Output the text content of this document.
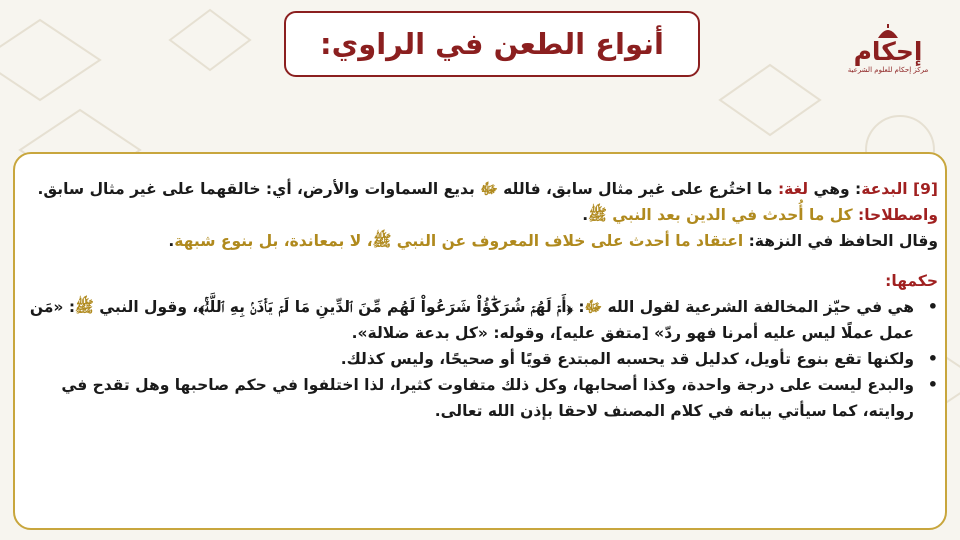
أنواع الطعن في الراوي:	إحكام
مركز إحكام للعلوم الشرعية

[9] البدعة: وهي لغة: ما اختُرع على غير مثال سابق، فالله ﷻ بديع السماوات والأرض، أي: خالقهما على غير مثال سابق.

واصطلاحا: كل ما أُحدث في الدين بعد النبي ﷺ.

وقال الحافظ في النزهة: اعتقاد ما أحدث على خلاف المعروف عن النبي ﷺ، لا بمعاندة، بل بنوع شبهة.

حكمها:

• هي في حيّز المخالفة الشرعية لقول الله ﷻ: ﴿أَمۡ لَهُمۡ شُرَكَٰٓؤُاْ شَرَعُواْ لَهُم مِّنَ ٱلدِّينِ مَا لَمۡ يَأۡذَنۢ بِهِ ٱللَّهُۚ﴾، وقول النبي ﷺ: «مَن عمل عملًا ليس عليه أمرنا فهو ردّ» [متفق عليه]، وقوله: «كل بدعة ضلالة».
• ولكنها تقع بنوع تأويل، كدليل قد يحسبه المبتدع قويًا أو صحيحًا، وليس كذلك.
• والبدع ليست على درجة واحدة، وكذا أصحابها، وكل ذلك متفاوت كثيرا، لذا اختلفوا في حكم صاحبها وهل تقدح في روايته، كما سيأتي بيانه في كلام المصنف لاحقا بإذن الله تعالى.
